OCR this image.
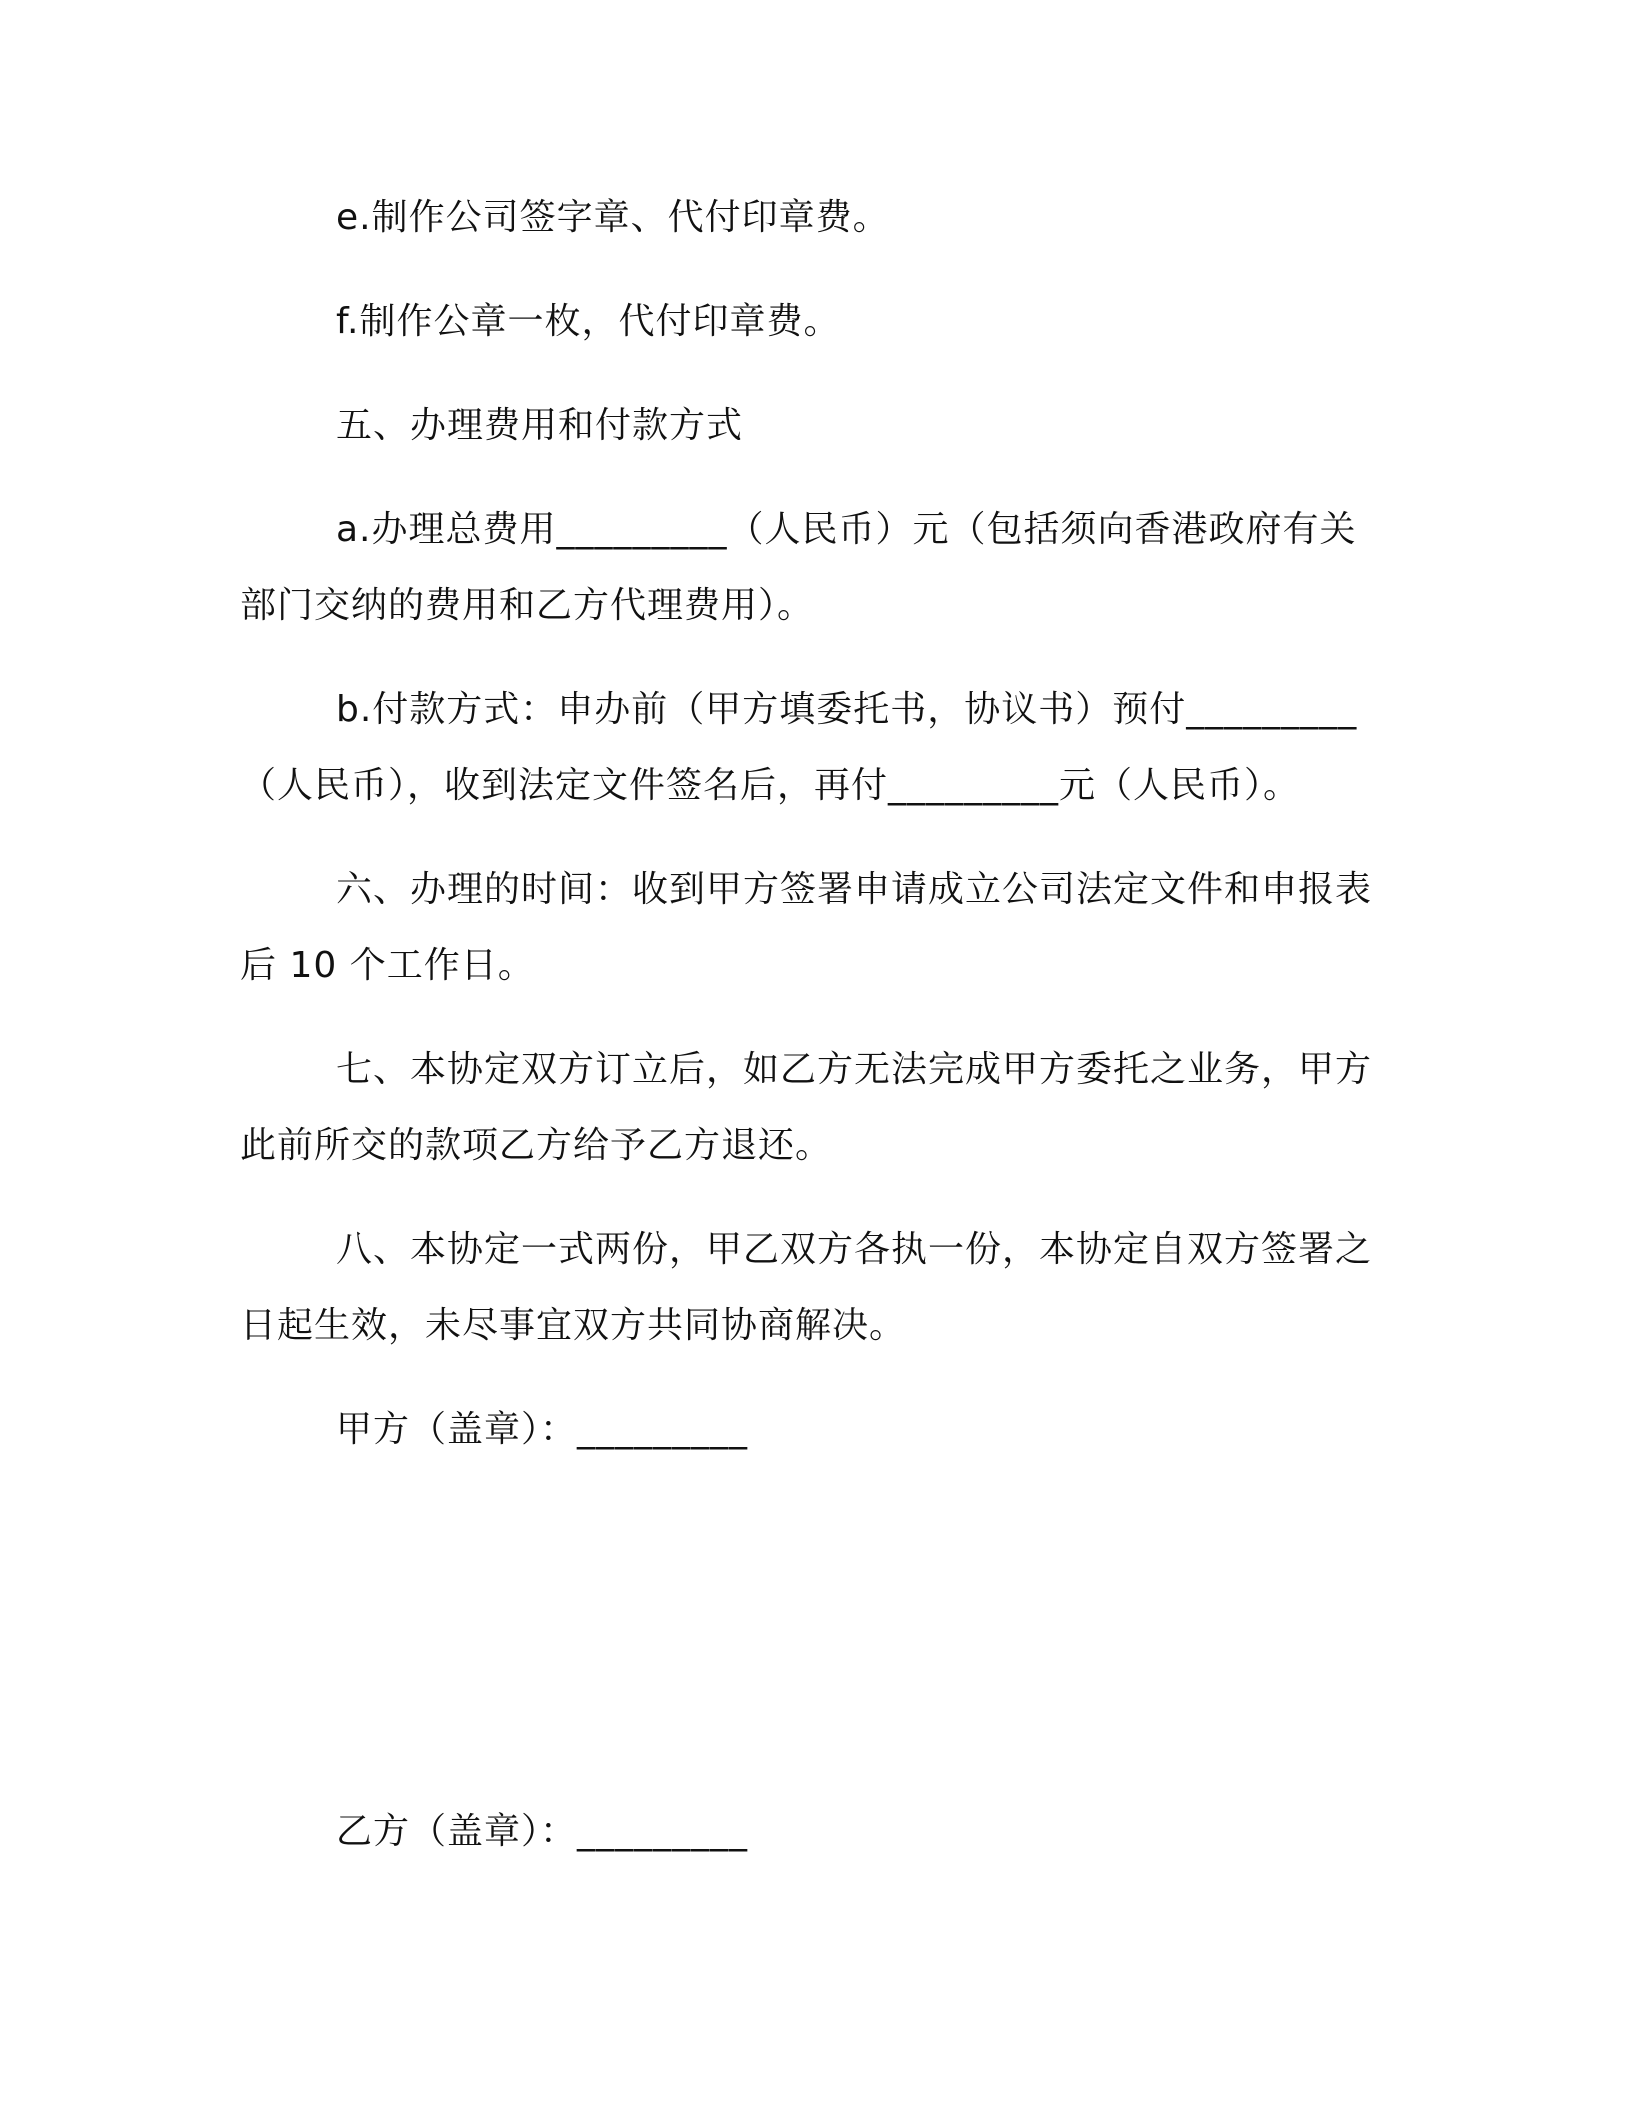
e.制作公司签字章、代付印章费。

f.制作公章一枚，代付印章费。

五、办理费用和付款方式

a.办理总费用_________（人民币）元（包括须向香港政府有关部门交纳的费用和乙方代理费用）。

b.付款方式：申办前（甲方填委托书，协议书）预付_________（人民币），收到法定文件签名后，再付_________元（人民币）。

六、办理的时间：收到甲方签署申请成立公司法定文件和申报表后 10 个工作日。

七、本协定双方订立后，如乙方无法完成甲方委托之业务，甲方此前所交的款项乙方给予乙方退还。

八、本协定一式两份，甲乙双方各执一份，本协定自双方签署之日起生效，未尽事宜双方共同协商解决。

甲方（盖章）：_________

乙方（盖章）：_________
